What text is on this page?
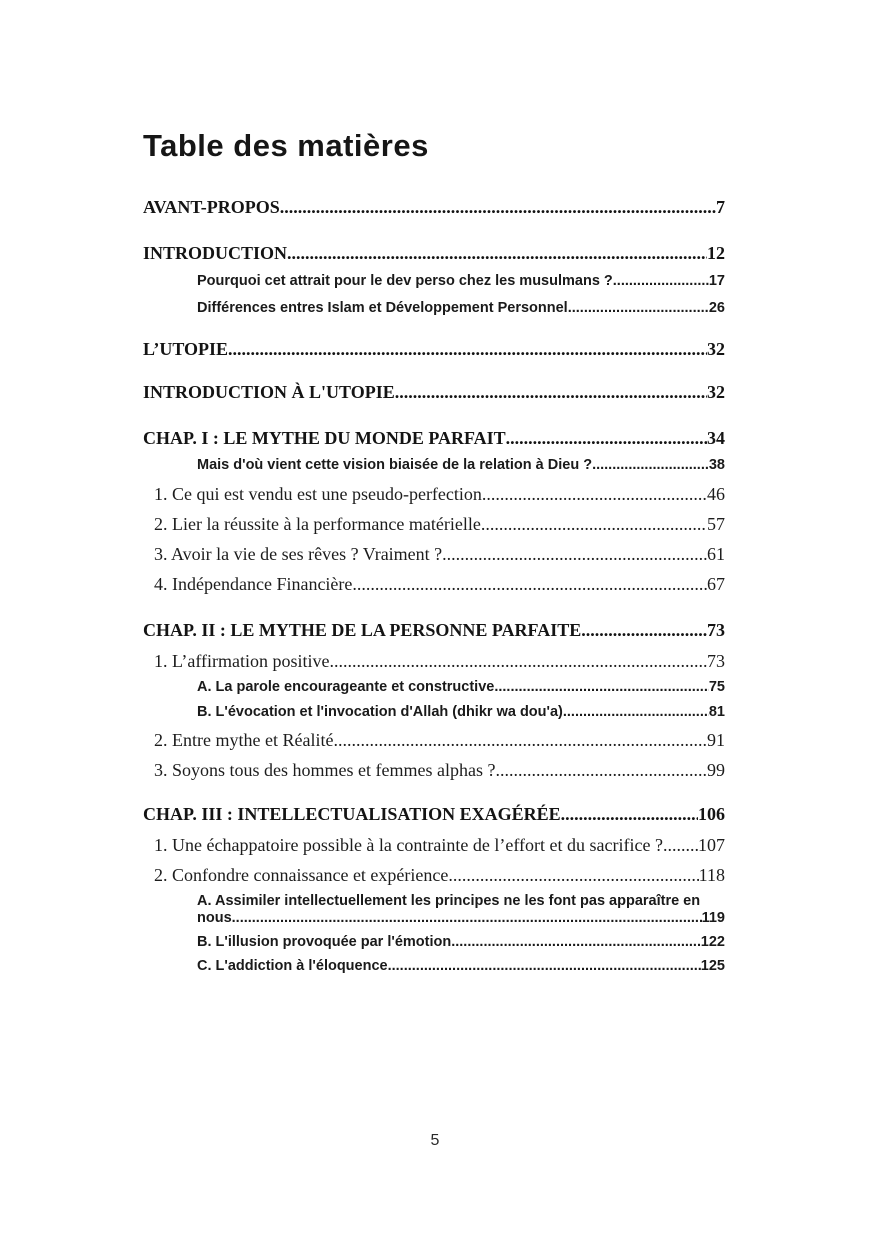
Table des matières
AVANT-PROPOS .....	7
INTRODUCTION .....	12
Pourquoi cet attrait pour le dev perso chez les musulmans ? .....	17
Différences entres Islam et Développement Personnel .....	26
L’UTOPIE .....	32
INTRODUCTION À L'UTOPIE .....	32
CHAP. I : LE MYTHE DU MONDE PARFAIT .....	34
Mais d'où vient cette vision biaisée de la relation à Dieu ? .....	38
1. Ce qui est vendu est une pseudo-perfection .....	46
2. Lier la réussite à la performance matérielle .....	57
3. Avoir la vie de ses rêves ? Vraiment ? .....	61
4. Indépendance Financière .....	67
CHAP. II : LE MYTHE DE LA PERSONNE PARFAITE .....	73
1. L’affirmation positive .....	73
A. La parole encourageante et constructive .....	75
B. L'évocation et l'invocation d'Allah (dhikr wa dou'a) .....	81
2. Entre mythe et Réalité .....	91
3. Soyons tous des hommes et femmes alphas ? .....	99
CHAP. III : INTELLECTUALISATION EXAGÉRÉE .....	106
1. Une échappatoire possible à la contrainte de l’effort et du sacrifice ? ..... 107
2. Confondre connaissance et expérience .....	118
A. Assimiler intellectuellement les principes ne les font pas apparaître en
nous .....	119
B. L'illusion provoquée par l'émotion .....	122
C. L'addiction à l'éloquence .....	125
5
